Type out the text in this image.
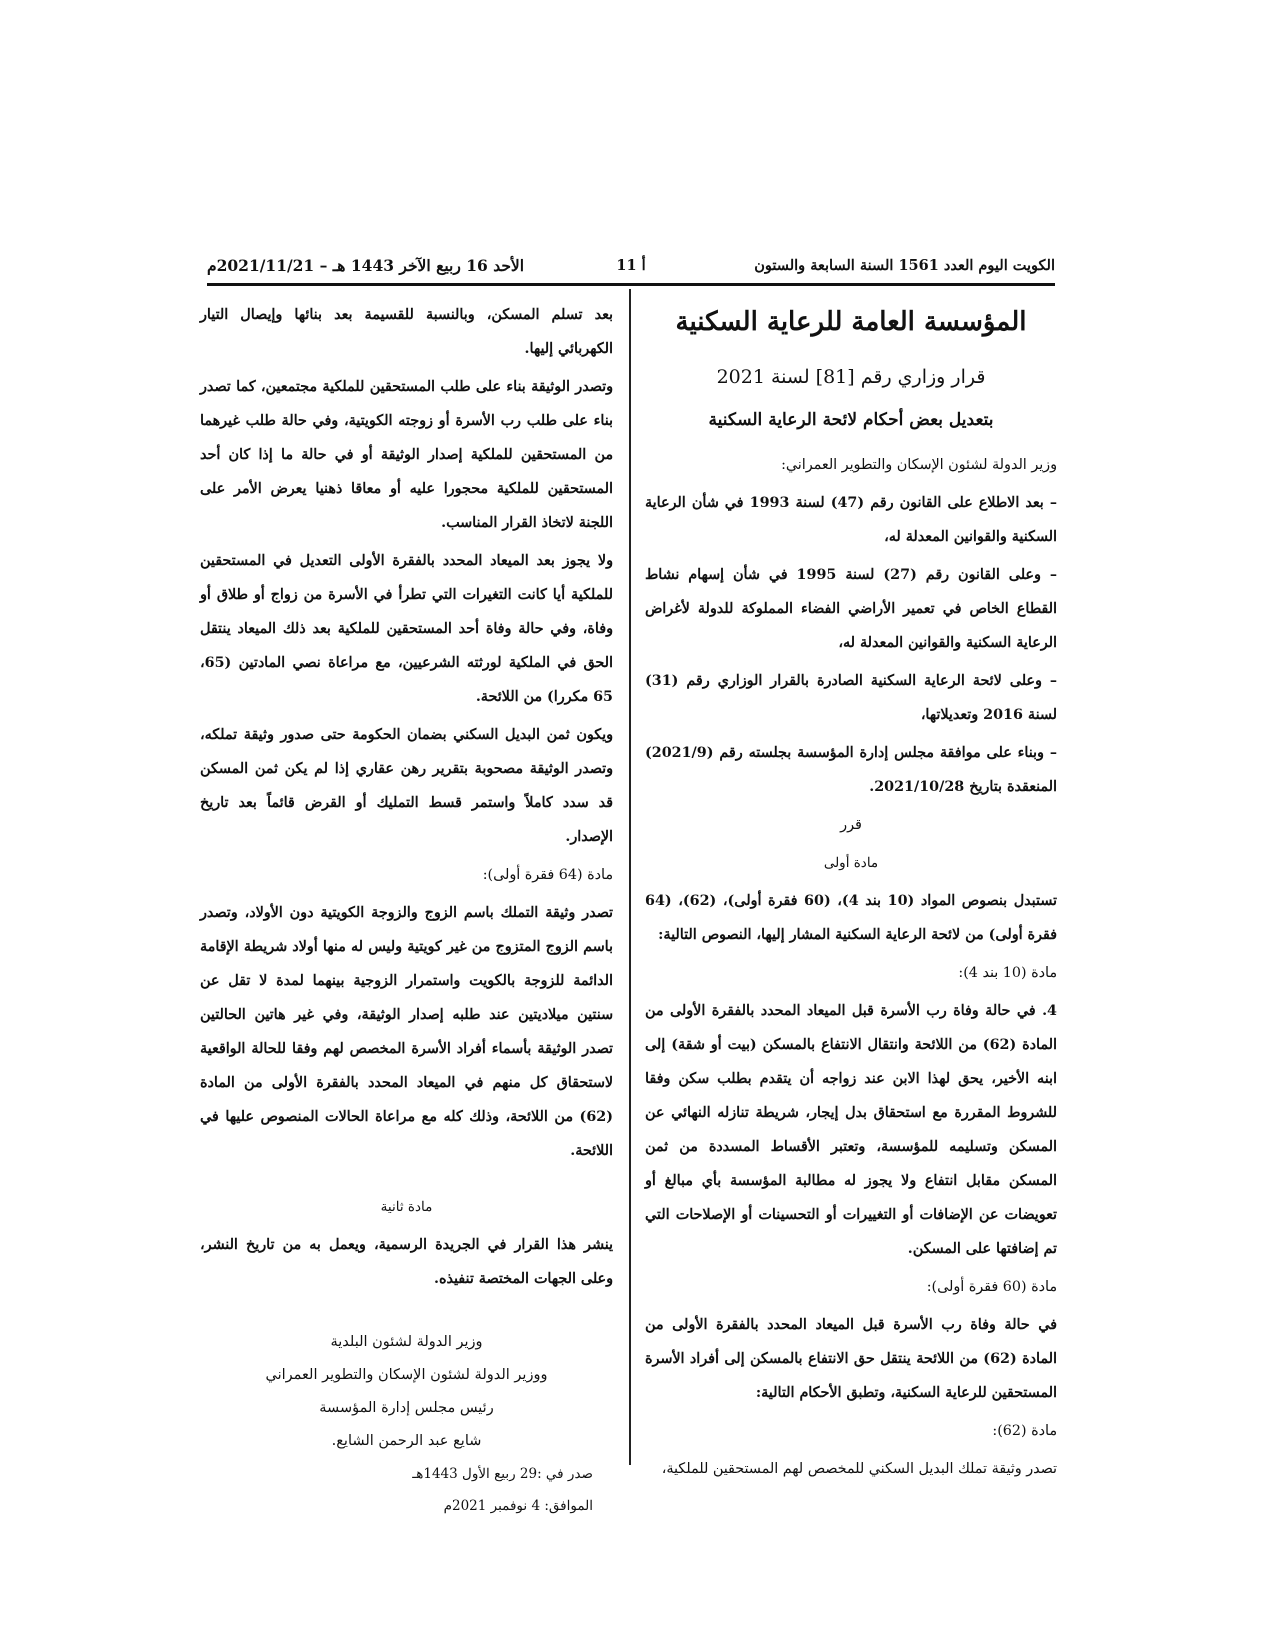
الكويت اليوم العدد 1561 السنة السابعة والستون
أ 11
الأحد 16 ربيع الآخر 1443 هـ – 2021/11/21م
المؤسسة العامة للرعاية السكنية
قرار وزاري رقم [81] لسنة 2021
بتعديل بعض أحكام لائحة الرعاية السكنية

وزير الدولة لشئون الإسكان والتطوير العمراني:

– بعد الاطلاع على القانون رقم (47) لسنة 1993 في شأن الرعاية السكنية والقوانين المعدلة له،

– وعلى القانون رقم (27) لسنة 1995 في شأن إسهام نشاط القطاع الخاص في تعمير الأراضي الفضاء المملوكة للدولة لأغراض الرعاية السكنية والقوانين المعدلة له،

– وعلى لائحة الرعاية السكنية الصادرة بالقرار الوزاري رقم (31) لسنة 2016 وتعديلاتها،

– وبناء على موافقة مجلس إدارة المؤسسة بجلسته رقم (2021/9) المنعقدة بتاريخ 2021/10/28.

قرر

مادة أولى

تستبدل بنصوص المواد (10 بند 4)، (60 فقرة أولى)، (62)، (64 فقرة أولى) من لائحة الرعاية السكنية المشار إليها، النصوص التالية:

مادة (10 بند 4):

4. في حالة وفاة رب الأسرة قبل الميعاد المحدد بالفقرة الأولى من المادة (62) من اللائحة وانتقال الانتفاع بالمسكن (بيت أو شقة) إلى ابنه الأخير، يحق لهذا الابن عند زواجه أن يتقدم بطلب سكن وفقا للشروط المقررة مع استحقاق بدل إيجار، شريطة تنازله النهائي عن المسكن وتسليمه للمؤسسة، وتعتبر الأقساط المسددة من ثمن المسكن مقابل انتفاع ولا يجوز له مطالبة المؤسسة بأي مبالغ أو تعويضات عن الإضافات أو التغييرات أو التحسينات أو الإصلاحات التي تم إضافتها على المسكن.

مادة (60 فقرة أولى):

في حالة وفاة رب الأسرة قبل الميعاد المحدد بالفقرة الأولى من المادة (62) من اللائحة ينتقل حق الانتفاع بالمسكن إلى أفراد الأسرة المستحقين للرعاية السكنية، وتطبق الأحكام التالية:

مادة (62):

تصدر وثيقة تملك البديل السكني للمخصص لهم المستحقين للملكية،

بعد تسلم المسكن، وبالنسبة للقسيمة بعد بنائها وإيصال التيار الكهربائي إليها.

وتصدر الوثيقة بناء على طلب المستحقين للملكية مجتمعين، كما تصدر بناء على طلب رب الأسرة أو زوجته الكويتية، وفي حالة طلب غيرهما من المستحقين للملكية إصدار الوثيقة أو في حالة ما إذا كان أحد المستحقين للملكية محجورا عليه أو معاقا ذهنيا يعرض الأمر على اللجنة لاتخاذ القرار المناسب.

ولا يجوز بعد الميعاد المحدد بالفقرة الأولى التعديل في المستحقين للملكية أيا كانت التغيرات التي تطرأ في الأسرة من زواج أو طلاق أو وفاة، وفي حالة وفاة أحد المستحقين للملكية بعد ذلك الميعاد ينتقل الحق في الملكية لورثته الشرعيين، مع مراعاة نصي المادتين (65، 65 مكررا) من اللائحة.

ويكون ثمن البديل السكني بضمان الحكومة حتى صدور وثيقة تملكه، وتصدر الوثيقة مصحوبة بتقرير رهن عقاري إذا لم يكن ثمن المسكن قد سدد كاملاً واستمر قسط التمليك أو القرض قائماً بعد تاريخ الإصدار.

مادة (64 فقرة أولى):

تصدر وثيقة التملك باسم الزوج والزوجة الكويتية دون الأولاد، وتصدر باسم الزوج المتزوج من غير كويتية وليس له منها أولاد شريطة الإقامة الدائمة للزوجة بالكويت واستمرار الزوجية بينهما لمدة لا تقل عن سنتين ميلاديتين عند طلبه إصدار الوثيقة، وفي غير هاتين الحالتين تصدر الوثيقة بأسماء أفراد الأسرة المخصص لهم وفقا للحالة الواقعية لاستحقاق كل منهم في الميعاد المحدد بالفقرة الأولى من المادة (62) من اللائحة، وذلك كله مع مراعاة الحالات المنصوص عليها في اللائحة.

مادة ثانية

ينشر هذا القرار في الجريدة الرسمية، ويعمل به من تاريخ النشر، وعلى الجهات المختصة تنفيذه.

وزير الدولة لشئون البلدية

ووزير الدولة لشئون الإسكان والتطوير العمراني

رئيس مجلس إدارة المؤسسة

شايع عبد الرحمن الشايع.

صدر في :29 ربيع الأول 1443هـ

الموافق: 4 نوفمبر 2021م
